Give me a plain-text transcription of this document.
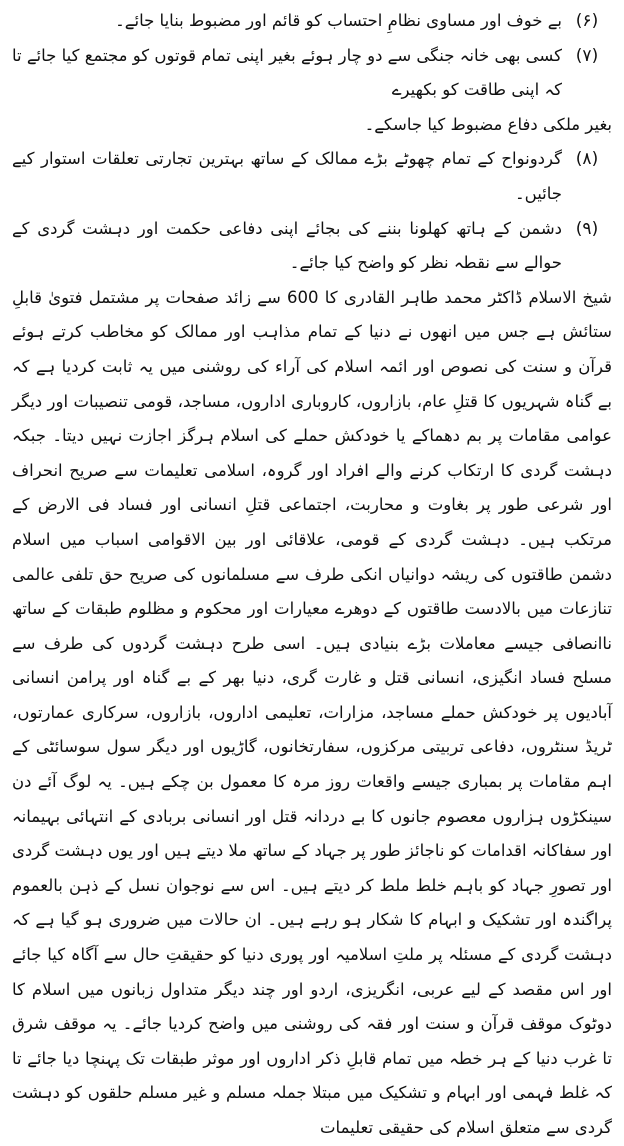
(۶)

بے خوف اور مساوی نظامِ احتساب کو قائم اور مضبوط بنایا جائے۔

(۷)

کسی بھی خانہ جنگی سے دو چار ہوئے بغیر اپنی تمام قوتوں کو مجتمع کیا جائے تا کہ اپنی طاقت کو بکھیرے

بغیر ملکی دفاع مضبوط کیا جاسکے۔

(۸)

گردونواح کے تمام چھوٹے بڑے ممالک کے ساتھ بہترین تجارتی تعلقات استوار کیے جائیں۔

(۹)

دشمن کے ہاتھ کھلونا بننے کی بجائے اپنی دفاعی حکمت اور دہشت گردی کے حوالے سے نقطہ نظر کو واضح کیا جائے۔

شیخ الاسلام ڈاکٹر محمد طاہر القادری کا 600 سے زائد صفحات پر مشتمل فتویٰ قابلِ ستائش ہے جس میں انھوں نے دنیا کے تمام مذاہب اور ممالک کو مخاطب کرتے ہوئے قرآن و سنت کی نصوص اور ائمہ اسلام کی آراء کی روشنی میں یہ ثابت کردیا ہے کہ بے گناہ شہریوں کا قتلِ عام، بازاروں، کاروباری اداروں، مساجد، قومی تنصیبات اور دیگر عوامی مقامات پر بم دھماکے یا خودکش حملے کی اسلام ہرگز اجازت نہیں دیتا۔ جبکہ دہشت گردی کا ارتکاب کرنے والے افراد اور گروہ، اسلامی تعلیمات سے صریح انحراف اور شرعی طور پر بغاوت و محاربت، اجتماعی قتلِ انسانی اور فساد فی الارض کے مرتکب ہیں۔ دہشت گردی کے قومی، علاقائی اور بین الاقوامی اسباب میں اسلام دشمن طاقتوں کی ریشہ دوانیاں انکی طرف سے مسلمانوں کی صریح حق تلفی عالمی تنازعات میں بالادست طاقتوں کے دوھرے معیارات اور محکوم و مظلوم طبقات کے ساتھ ناانصافی جیسے معاملات بڑے بنیادی ہیں۔ اسی طرح دہشت گردوں کی طرف سے مسلح فساد انگیزی، انسانی قتل و غارت گری، دنیا بھر کے بے گناہ اور پرامن انسانی آبادیوں پر خودکش حملے مساجد، مزارات، تعلیمی اداروں، بازاروں، سرکاری عمارتوں، ٹریڈ سنٹروں، دفاعی تربیتی مرکزوں، سفارتخانوں، گاڑیوں اور دیگر سول سوسائٹی کے اہم مقامات پر بمباری جیسے واقعات روز مرہ کا معمول بن چکے ہیں۔ یہ لوگ آئے دن سینکڑوں ہزاروں معصوم جانوں کا بے دردانہ قتل اور انسانی بربادی کے انتہائی بہیمانہ اور سفاکانہ اقدامات کو ناجائز طور پر جہاد کے ساتھ ملا دیتے ہیں اور یوں دہشت گردی اور تصورِ جہاد کو باہم خلط ملط کر دیتے ہیں۔ اس سے نوجوان نسل کے ذہن بالعموم پراگندہ اور تشکیک و ابہام کا شکار ہو رہے ہیں۔ ان حالات میں ضروری ہو گیا ہے کہ دہشت گردی کے مسئلہ پر ملتِ اسلامیہ اور پوری دنیا کو حقیقتِ حال سے آگاہ کیا جائے اور اس مقصد کے لیے عربی، انگریزی، اردو اور چند دیگر متداول زبانوں میں اسلام کا دوٹوک موقف قرآن و سنت اور فقہ کی روشنی میں واضح کردیا جائے۔ یہ موقف شرق تا غرب دنیا کے ہر خطہ میں تمام قابلِ ذکر اداروں اور موثر طبقات تک پہنچا دیا جائے تا کہ غلط فہمی اور ابہام و تشکیک میں مبتلا جملہ مسلم و غیر مسلم حلقوں کو دہشت گردی سے متعلق اسلام کی حقیقی تعلیمات
